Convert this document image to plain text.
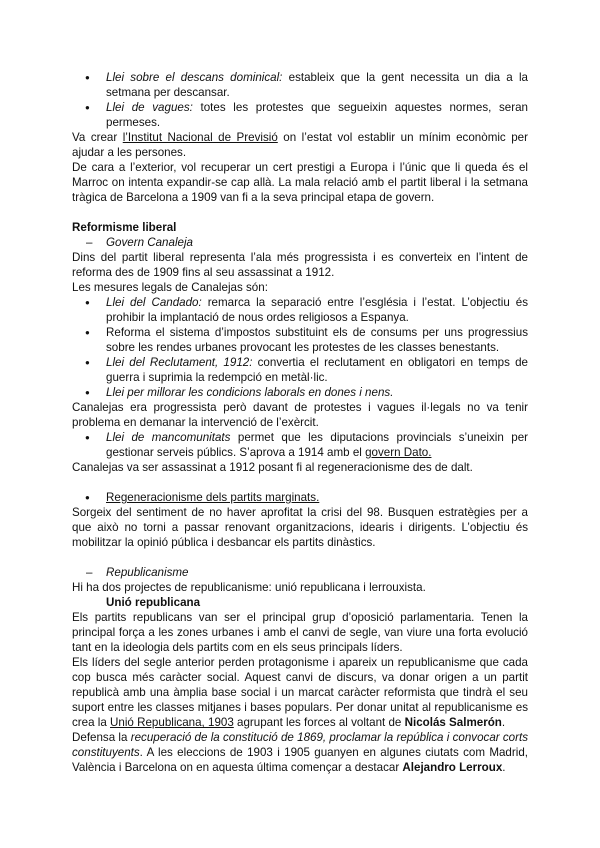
● Llei sobre el descans dominical: estableix que la gent necessita un dia a la setmana per descansar.
● Llei de vagues: totes les protestes que segueixin aquestes normes, seran permeses.

Va crear l’Institut Nacional de Previsió on l’estat vol establir un mínim econòmic per ajudar a les persones.

De cara a l’exterior, vol recuperar un cert prestigi a Europa i l’únic que li queda és el Marroc on intenta expandir-se cap allà. La mala relació amb el partit liberal i la setmana tràgica de Barcelona a 1909 van fi a la seva principal etapa de govern.

Reformisme liberal
– Govern Canaleja

Dins del partit liberal representa l’ala més progressista i es converteix en l’intent de reforma des de 1909 fins al seu assassinat a 1912.

Les mesures legals de Canalejas són:

● Llei del Candado: remarca la separació entre l’església i l’estat. L’objectiu és prohibir la implantació de nous ordes religiosos a Espanya.
● Reforma el sistema d’impostos substituint els de consums per uns progressius sobre les rendes urbanes provocant les protestes de les classes benestants.
● Llei del Reclutament, 1912: convertia el reclutament en obligatori en temps de guerra i suprimia la redempció en metàl·lic.
● Llei per millorar les condicions laborals en dones i nens.

Canalejas era progressista però davant de protestes i vagues il·legals no va tenir problema en demanar la intervenció de l’exèrcit.

● Llei de mancomunitats permet que les diputacions provincials s’uneixin per gestionar serveis públics. S’aprova a 1914 amb el govern Dato.

Canalejas va ser assassinat a 1912 posant fi al regeneracionisme des de dalt.

● Regeneracionisme dels partits marginats.

Sorgeix del sentiment de no haver aprofitat la crisi del 98. Busquen estratègies per a que això no torni a passar renovant organitzacions, idearis i dirigents. L’objectiu és mobilitzar la opinió pública i desbancar els partits dinàstics.

– Republicanisme

Hi ha dos projectes de republicanisme: unió republicana i lerrouxista.

Unió republicana

Els partits republicans van ser el principal grup d’oposició parlamentaria. Tenen la principal força a les zones urbanes i amb el canvi de segle, van viure una forta evolució tant en la ideologia dels partits com en els seus principals líders.

Els líders del segle anterior perden protagonisme i apareix un republicanisme que cada cop busca més caràcter social. Aquest canvi de discurs, va donar origen a un partit republicà amb una àmplia base social i un marcat caràcter reformista que tindrà el seu suport entre les classes mitjanes i bases populars. Per donar unitat al republicanisme es crea la Unió Republicana, 1903 agrupant les forces al voltant de Nicolás Salmerón.

Defensa la recuperació de la constitució de 1869, proclamar la república i convocar corts constituyents. A les eleccions de 1903 i 1905 guanyen en algunes ciutats com Madrid, València i Barcelona on en aquesta última començar a destacar Alejandro Lerroux.
